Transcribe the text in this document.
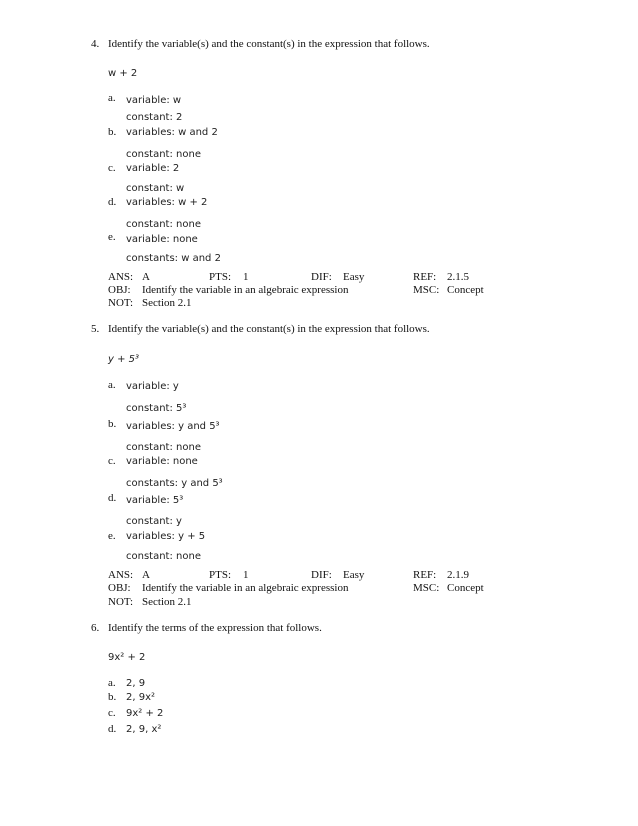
4. Identify the variable(s) and the constant(s) in the expression that follows.
w + 2
a. variable: w
constant: 2
b. variables: w and 2
constant: none
c. variable: 2
constant: w
d. variables: w + 2
constant: none
e. variable: none
constants: w and 2
ANS: A	PTS: 1	DIF: Easy	REF: 2.1.5
OBJ: Identify the variable in an algebraic expression	MSC: Concept
NOT: Section 2.1
5. Identify the variable(s) and the constant(s) in the expression that follows.
y + 5³
a. variable: y
constant: 5³
b. variables: y and 5³
constant: none
c. variable: none
constants: y and 5³
d. variable: 5³
constant: y
e. variables: y + 5
constant: none
ANS: A	PTS: 1	DIF: Easy	REF: 2.1.9
OBJ: Identify the variable in an algebraic expression	MSC: Concept
NOT: Section 2.1
6. Identify the terms of the expression that follows.
9x² + 2
a. 2, 9
b. 2, 9x²
c. 9x² + 2
d. 2, 9, x²
